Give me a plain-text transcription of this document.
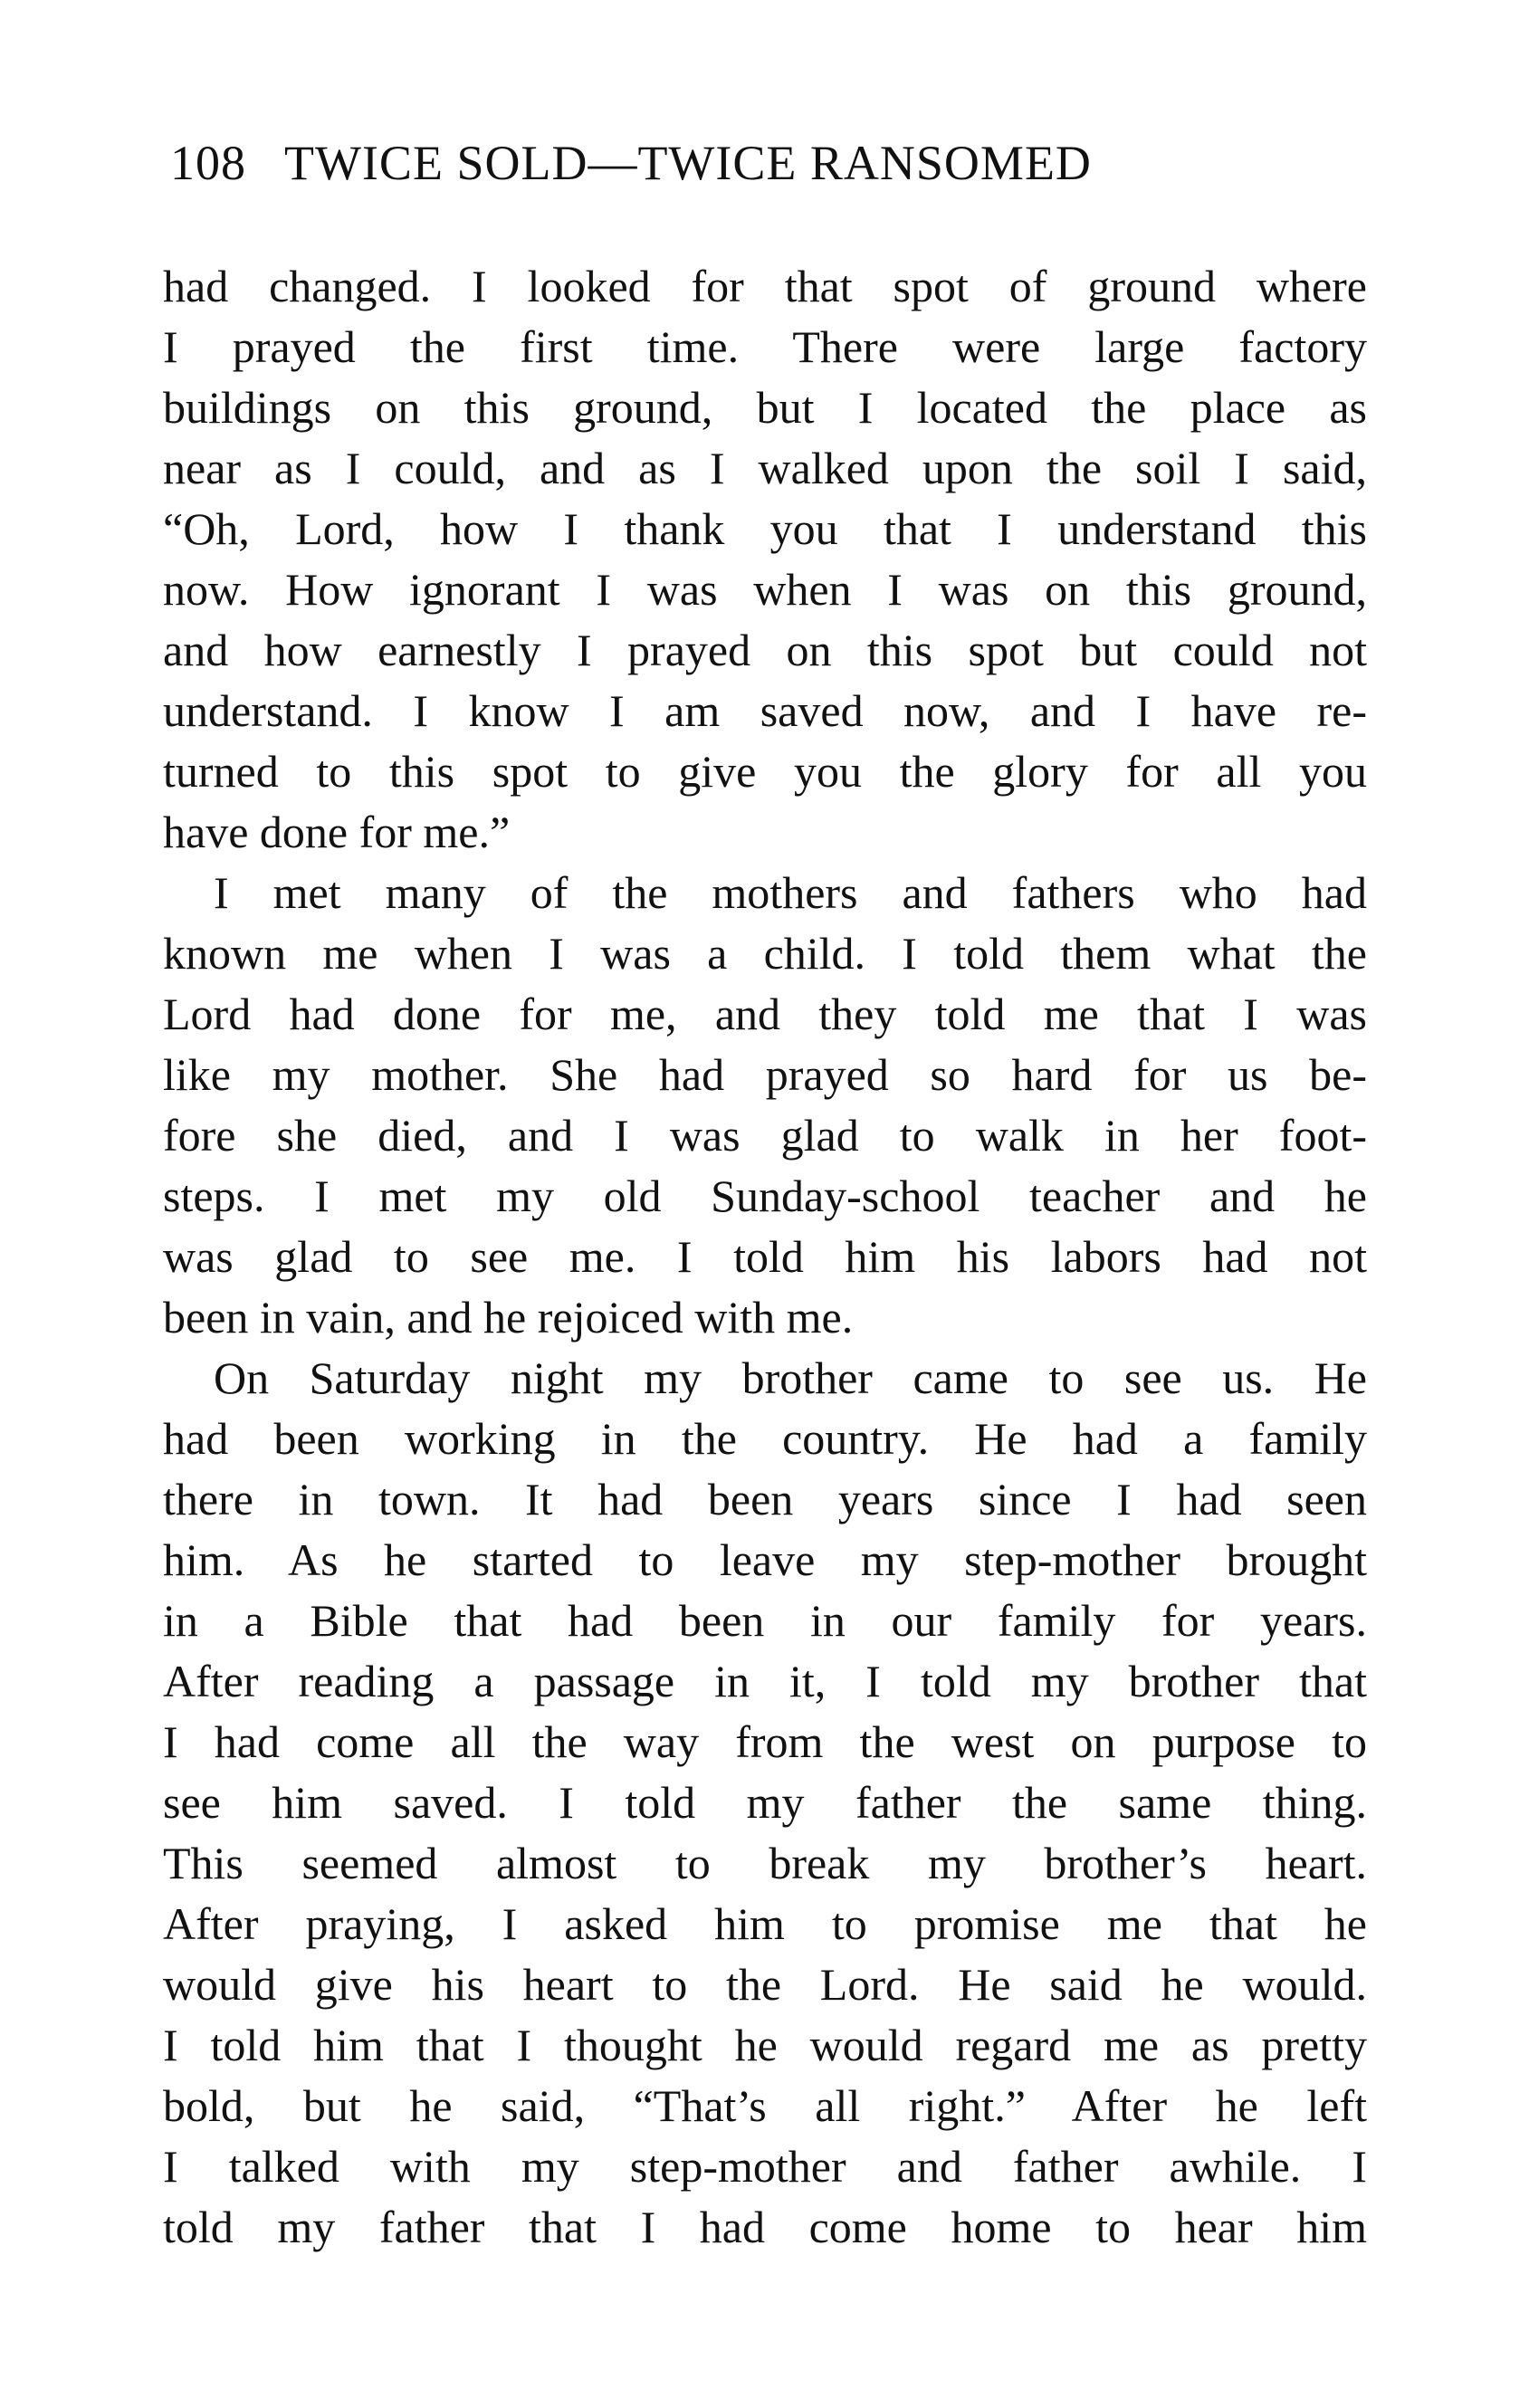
108 TWICE SOLD—TWICE RANSOMED
had changed. I looked for that spot of ground where
I prayed the first time. There were large factory
buildings on this ground, but I located the place as
near as I could, and as I walked upon the soil I said,
“Oh, Lord, how I thank you that I understand this
now. How ignorant I was when I was on this ground,
and how earnestly I prayed on this spot but could not
understand. I know I am saved now, and I have re-
turned to this spot to give you the glory for all you
have done for me.”
I met many of the mothers and fathers who had
known me when I was a child. I told them what the
Lord had done for me, and they told me that I was
like my mother. She had prayed so hard for us be-
fore she died, and I was glad to walk in her foot-
steps. I met my old Sunday-school teacher and he
was glad to see me. I told him his labors had not
been in vain, and he rejoiced with me.
On Saturday night my brother came to see us. He
had been working in the country. He had a family
there in town. It had been years since I had seen
him. As he started to leave my step-mother brought
in a Bible that had been in our family for years.
After reading a passage in it, I told my brother that
I had come all the way from the west on purpose to
see him saved. I told my father the same thing.
This seemed almost to break my brother’s heart.
After praying, I asked him to promise me that he
would give his heart to the Lord. He said he would.
I told him that I thought he would regard me as pretty
bold, but he said, “That’s all right.” After he left
I talked with my step-mother and father awhile. I
told my father that I had come home to hear him
